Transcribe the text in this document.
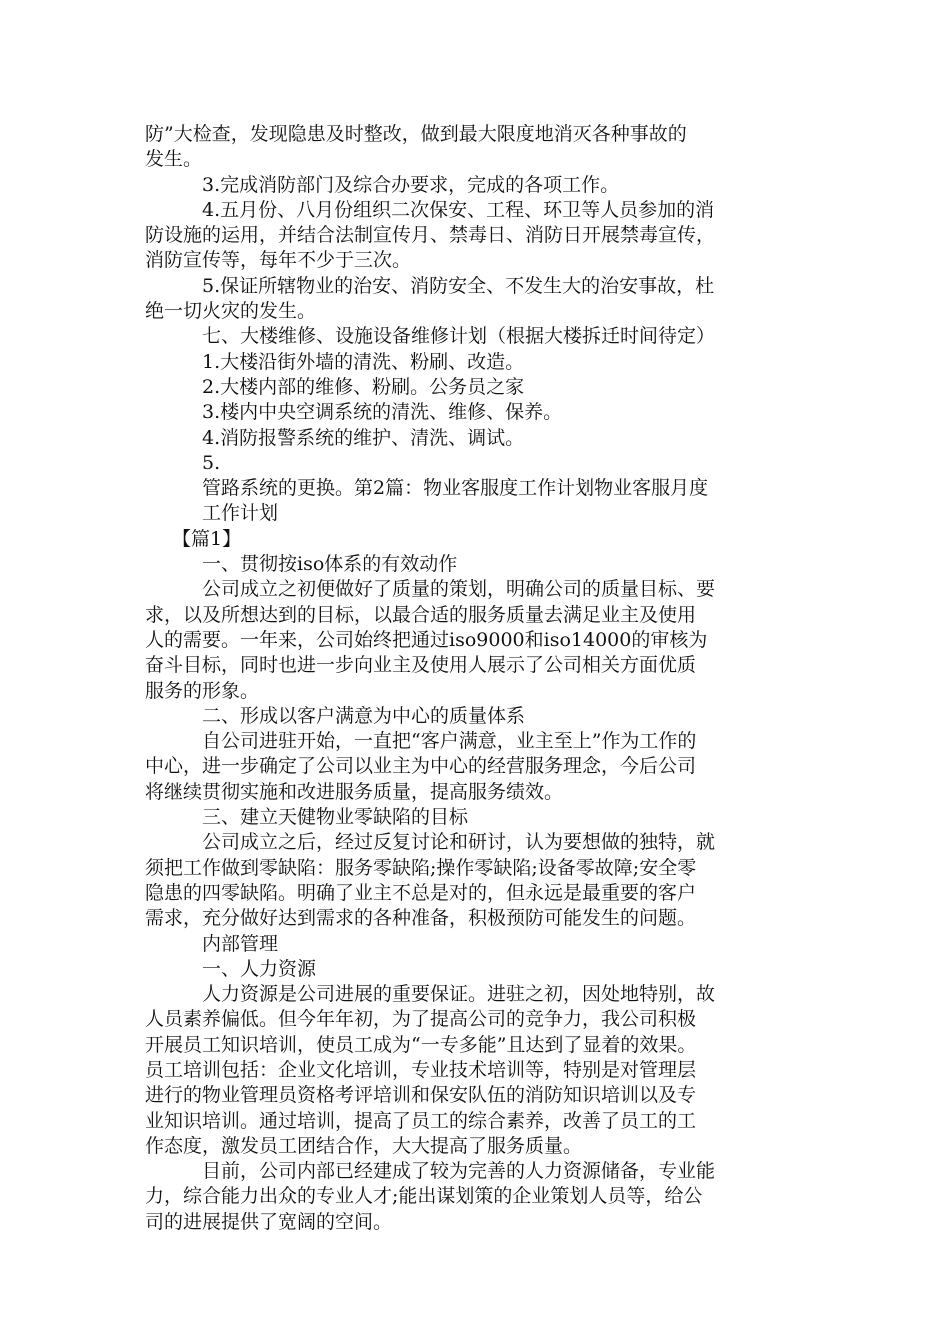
防”大检查，发现隐患及时整改，做到最大限度地消灭各种事故的
发生。
3.完成消防部门及综合办要求，完成的各项工作。
4.五月份、八月份组织二次保安、工程、环卫等人员参加的消
防设施的运用，并结合法制宣传月、禁毒日、消防日开展禁毒宣传，
消防宣传等，每年不少于三次。
5.保证所辖物业的治安、消防安全、不发生大的治安事故，杜
绝一切火灾的发生。
七、大楼维修、设施设备维修计划（根据大楼拆迁时间待定）
1.大楼沿街外墙的清洗、粉刷、改造。
2.大楼内部的维修、粉刷。公务员之家
3.楼内中央空调系统的清洗、维修、保养。
4.消防报警系统的维护、清洗、调试。
5.
管路系统的更换。第2篇：物业客服度工作计划物业客服月度
工作计划
【篇1】
一、贯彻按iso体系的有效动作
公司成立之初便做好了质量的策划，明确公司的质量目标、要
求，以及所想达到的目标，以最合适的服务质量去满足业主及使用
人的需要。一年来，公司始终把通过iso9000和iso14000的审核为
奋斗目标，同时也进一步向业主及使用人展示了公司相关方面优质
服务的形象。
二、形成以客户满意为中心的质量体系
自公司进驻开始，一直把“客户满意，业主至上”作为工作的
中心，进一步确定了公司以业主为中心的经营服务理念，今后公司
将继续贯彻实施和改进服务质量，提高服务绩效。
三、建立天健物业零缺陷的目标
公司成立之后，经过反复讨论和研讨，认为要想做的独特，就
须把工作做到零缺陷：服务零缺陷;操作零缺陷;设备零故障;安全零
隐患的四零缺陷。明确了业主不总是对的，但永远是最重要的客户
需求，充分做好达到需求的各种准备，积极预防可能发生的问题。
内部管理
一、人力资源
人力资源是公司进展的重要保证。进驻之初，因处地特别，故
人员素养偏低。但今年年初，为了提高公司的竞争力，我公司积极
开展员工知识培训，使员工成为“一专多能”且达到了显着的效果。
员工培训包括：企业文化培训，专业技术培训等，特别是对管理层
进行的物业管理员资格考评培训和保安队伍的消防知识培训以及专
业知识培训。通过培训，提高了员工的综合素养，改善了员工的工
作态度，激发员工团结合作，大大提高了服务质量。
目前，公司内部已经建成了较为完善的人力资源储备，专业能
力，综合能力出众的专业人才;能出谋划策的企业策划人员等，给公
司的进展提供了宽阔的空间。
